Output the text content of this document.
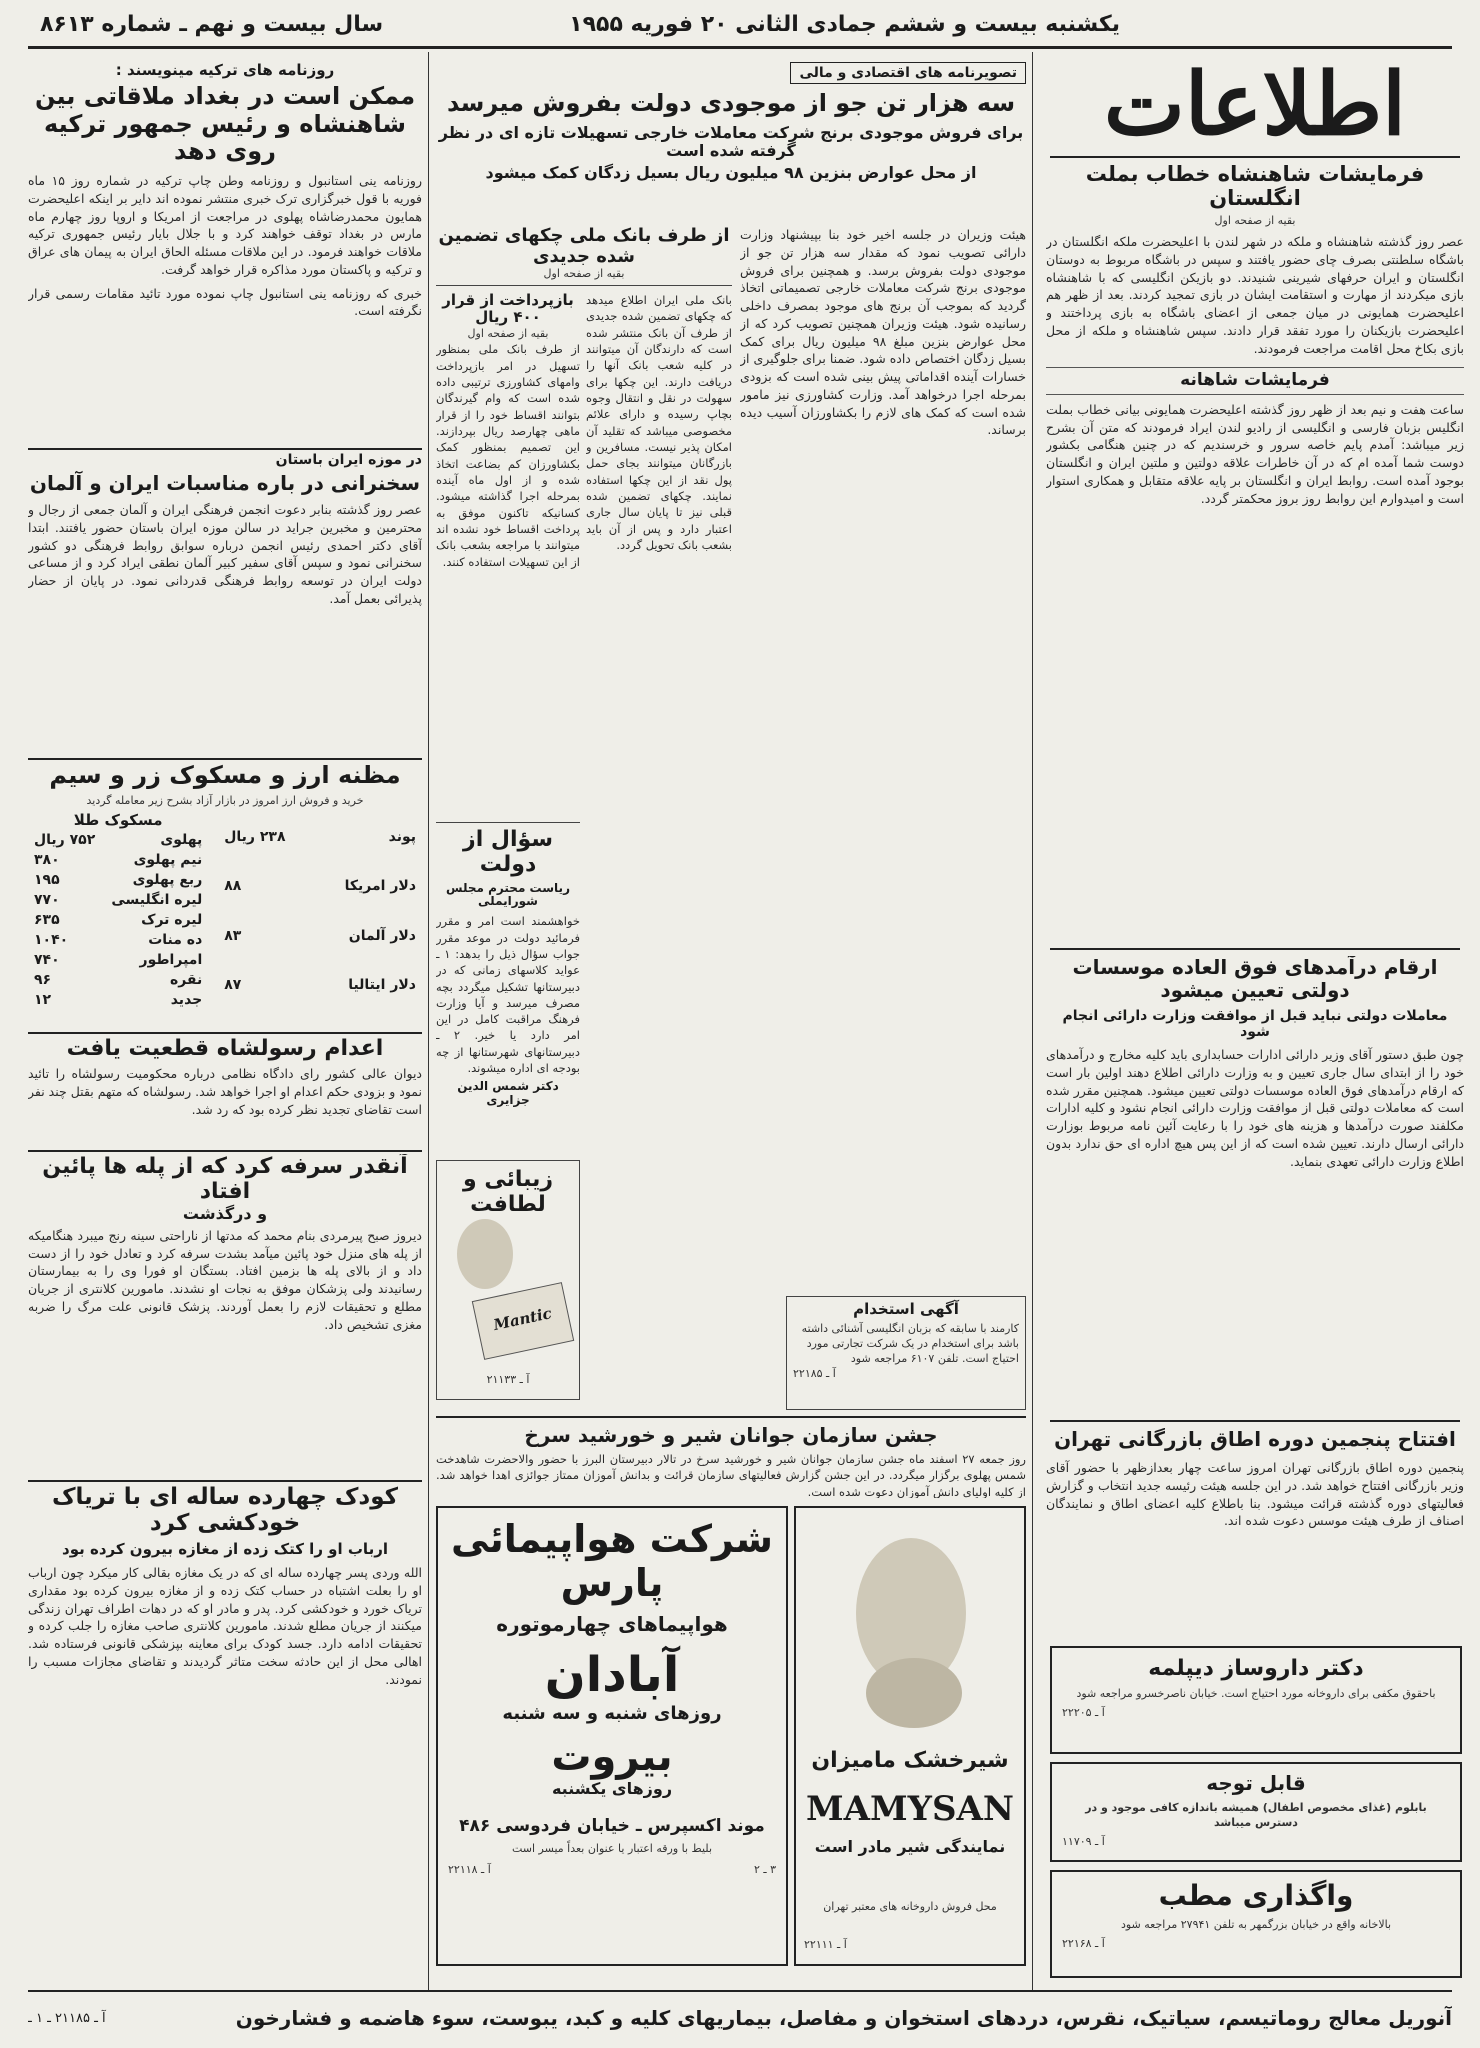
یکشنبه بیست و ششم جمادی الثانی ۲۰ فوریه ۱۹۵۵
سال بیست و نهم ـ شماره ۸۶۱۳
اطلاعات
فرمایشات شاهنشاه خطاب بملت انگلستان
بقیه از صفحه اول
عصر روز گذشته شاهنشاه و ملکه در شهر لندن با اعلیحضرت ملکه انگلستان در باشگاه سلطنتی بصرف چای حضور یافتند و سپس در باشگاه مربوط به دوستان انگلستان و ایران حرفهای شیرینی شنیدند. دو بازیکن انگلیسی که با شاهنشاه بازی میکردند از مهارت و استقامت ایشان در بازی تمجید کردند. بعد از ظهر هم اعلیحضرت همایونی در میان جمعی از اعضای باشگاه به بازی پرداختند و اعلیحضرت بازیکنان را مورد تفقد قرار دادند. سپس شاهنشاه و ملکه از محل بازی بکاخ محل اقامت مراجعت فرمودند.
فرمایشات شاهانه
ساعت هفت و نیم بعد از ظهر روز گذشته اعلیحضرت همایونی بیانی خطاب بملت انگلیس بزبان فارسی و انگلیسی از رادیو لندن ایراد فرمودند که متن آن بشرح زیر میباشد: آمدم پایم خاصه سرور و خرسندیم که در چنین هنگامی بکشور دوست شما آمده ام که در آن خاطرات علاقه دولتین و ملتین ایران و انگلستان بوجود آمده است. روابط ایران و انگلستان بر پایه علاقه متقابل و همکاری استوار است و امیدوارم این روابط روز بروز محکمتر گردد.
ارقام درآمدهای فوق العاده موسسات دولتی تعیین میشود
معاملات دولتی نباید قبل از موافقت وزارت دارائی انجام شود
چون طبق دستور آقای وزیر دارائی ادارات حسابداری باید کلیه مخارج و درآمدهای خود را از ابتدای سال جاری تعیین و به وزارت دارائی اطلاع دهند اولین بار است که ارقام درآمدهای فوق العاده موسسات دولتی تعیین میشود. همچنین مقرر شده است که معاملات دولتی قبل از موافقت وزارت دارائی انجام نشود و کلیه ادارات مکلفند صورت درآمدها و هزینه های خود را با رعایت آئین نامه مربوط بوزارت دارائی ارسال دارند. تعیین شده است که از این پس هیچ اداره ای حق ندارد بدون اطلاع وزارت دارائی تعهدی بنماید.
افتتاح پنجمین دوره اطاق بازرگانی تهران
پنجمین دوره اطاق بازرگانی تهران امروز ساعت چهار بعدازظهر با حضور آقای وزیر بازرگانی افتتاح خواهد شد. در این جلسه هیئت رئیسه جدید انتخاب و گزارش فعالیتهای دوره گذشته قرائت میشود. بنا باطلاع کلیه اعضای اطاق و نمایندگان اصناف از طرف هیئت موسس دعوت شده اند.
دکتر داروساز دیپلمه
باحقوق مکفی برای داروخانه مورد احتیاج است. خیابان ناصرخسرو مراجعه شود
آ ـ ۲۲۲۰۵
قابل توجه
بابلوم (غذای مخصوص اطفال) همیشه باندازه کافی موجود و در دسترس میباشد
آ ـ ۱۱۷۰۹
واگذاری مطب
بالاخانه واقع در خیابان بزرگمهر به تلفن ۲۷۹۴۱ مراجعه شود
آ ـ ۲۲۱۶۸
تصویرنامه های اقتصادی و مالی
سه هزار تن جو از موجودی دولت بفروش میرسد
برای فروش موجودی برنج شرکت معاملات خارجی تسهیلات تازه ای در نظر گرفته شده است
از محل عوارض بنزین ۹۸ میلیون ریال بسیل زدگان کمک میشود
هیئت وزیران در جلسه اخیر خود بنا بپیشنهاد وزارت دارائی تصویب نمود که مقدار سه هزار تن جو از موجودی دولت بفروش برسد. و همچنین برای فروش موجودی برنج شرکت معاملات خارجی تصمیماتی اتخاذ گردید که بموجب آن برنج های موجود بمصرف داخلی رسانیده شود. هیئت وزیران همچنین تصویب کرد که از محل عوارض بنزین مبلغ ۹۸ میلیون ریال برای کمک بسیل زدگان اختصاص داده شود. ضمنا برای جلوگیری از خسارات آینده اقداماتی پیش بینی شده است که بزودی بمرحله اجرا درخواهد آمد. وزارت کشاورزی نیز مامور شده است که کمک های لازم را بکشاورزان آسیب دیده برساند.
از طرف بانک ملی چکهای تضمین شده جدیدی
بقیه از صفحه اول
بانک ملی ایران اطلاع میدهد که چکهای تضمین شده جدیدی از طرف آن بانک منتشر شده است که دارندگان آن میتوانند در کلیه شعب بانک آنها را دریافت دارند. این چکها برای سهولت در نقل و انتقال وجوه بچاپ رسیده و دارای علائم مخصوصی میباشد که تقلید آن امکان پذیر نیست. مسافرین و بازرگانان میتوانند بجای حمل پول نقد از این چکها استفاده نمایند. چکهای تضمین شده قبلی نیز تا پایان سال جاری اعتبار دارد و پس از آن باید بشعب بانک تحویل گردد.
بازپرداخت از قرار ۴۰۰ ریال
بقیه از صفحه اول
از طرف بانک ملی بمنظور تسهیل در امر بازپرداخت وامهای کشاورزی ترتیبی داده شده است که وام گیرندگان بتوانند اقساط خود را از قرار ماهی چهارصد ریال بپردازند. این تصمیم بمنظور کمک بکشاورزان کم بضاعت اتخاذ شده و از اول ماه آینده بمرحله اجرا گذاشته میشود. کسانیکه تاکنون موفق به پرداخت اقساط خود نشده اند میتوانند با مراجعه بشعب بانک از این تسهیلات استفاده کنند.
سؤال از دولت
ریاست محترم مجلس شورایملی
خواهشمند است امر و مقرر فرمائید دولت در موعد مقرر جواب سؤال ذیل را بدهد: ۱ ـ عواید کلاسهای زمانی که در دبیرستانها تشکیل میگردد بچه مصرف میرسد و آیا وزارت فرهنگ مراقبت کامل در این امر دارد یا خیر. ۲ ـ دبیرستانهای شهرستانها از چه بودجه ای اداره میشوند.
دکتر شمس الدین جزایری
زیبائی و لطافت
Mantic
آ ـ ۲۱۱۳۳
جشن سازمان جوانان شیر و خورشید سرخ
روز جمعه ۲۷ اسفند ماه جشن سازمان جوانان شیر و خورشید سرخ در تالار دبیرستان البرز با حضور والاحضرت شاهدخت شمس پهلوی برگزار میگردد. در این جشن گزارش فعالیتهای سازمان قرائت و بدانش آموزان ممتاز جوائزی اهدا خواهد شد. از کلیه اولیای دانش آموزان دعوت شده است.
آگهی استخدام
کارمند با سابقه که بزبان انگلیسی آشنائی داشته باشد برای استخدام در یک شرکت تجارتی مورد احتیاج است. تلفن ۶۱۰۷ مراجعه شود
آ ـ ۲۲۱۸۵
شرکت هواپیمائی پارس
هواپیماهای چهارموتوره
آبادان
روزهای شنبه و سه شنبه
بیروت
روزهای یکشنبه
موند اکسپرس ـ خیابان فردوسی ۴۸۶
بلیط با ورقه اعتبار یا عنوان بعداً میسر است
۳ ـ ۲
آ ـ ۲۲۱۱۸
شیرخشک مامیزان
MAMYSAN
نمایندگی شیر مادر است
محل فروش داروخانه های معتبر تهران
آ ـ ۲۲۱۱۱
روزنامه های ترکیه مینویسند :
ممکن است در بغداد ملاقاتی بین شاهنشاه و رئیس جمهور ترکیه روی دهد
روزنامه ینی استانبول و روزنامه وطن چاپ ترکیه در شماره روز ۱۵ ماه فوریه با قول خبرگزاری ترک خبری منتشر نموده اند دایر بر اینکه اعلیحضرت همایون محمدرضاشاه پهلوی در مراجعت از امریکا و اروپا روز چهارم ماه مارس در بغداد توقف خواهند کرد و با جلال بایار رئیس جمهوری ترکیه ملاقات خواهند فرمود. در این ملاقات مسئله الحاق ایران به پیمان های عراق و ترکیه و پاکستان مورد مذاکره قرار خواهد گرفت.
خبری که روزنامه ینی استانبول چاپ نموده مورد تائید مقامات رسمی قرار نگرفته است.
در موزه ایران باستان
سخنرانی در باره مناسبات ایران و آلمان
عصر روز گذشته بنابر دعوت انجمن فرهنگی ایران و آلمان جمعی از رجال و محترمین و مخبرین جراید در سالن موزه ایران باستان حضور یافتند. ابتدا آقای دکتر احمدی رئیس انجمن درباره سوابق روابط فرهنگی دو کشور سخنرانی نمود و سپس آقای سفیر کبیر آلمان نطقی ایراد کرد و از مساعی دولت ایران در توسعه روابط فرهنگی قدردانی نمود. در پایان از حضار پذیرائی بعمل آمد.
مظنه ارز و مسکوک زر و سیم
خرید و فروش ارز امروز در بازار آزاد بشرح زیر معامله گردید
پوند	۲۳۸ ریال
دلار امریکا	۸۸
دلار آلمان	۸۳
دلار ایتالیا	۸۷
مسکوک طلا
پهلوی	۷۵۲ ریال
نیم پهلوی	۳۸۰
ربع پهلوی	۱۹۵
لیره انگلیسی	۷۷۰
لیره ترک	۶۳۵
ده منات	۱۰۴۰
امپراطور	۷۴۰
نقره	۹۶
جدید	۱۲
اعدام رسولشاه قطعیت یافت
دیوان عالی کشور رای دادگاه نظامی درباره محکومیت رسولشاه را تائید نمود و بزودی حکم اعدام او اجرا خواهد شد. رسولشاه که متهم بقتل چند نفر است تقاضای تجدید نظر کرده بود که رد شد.
آنقدر سرفه کرد که از پله ها پائین افتاد
و درگذشت
دیروز صبح پیرمردی بنام محمد که مدتها از ناراحتی سینه رنج میبرد هنگامیکه از پله های منزل خود پائین میآمد بشدت سرفه کرد و تعادل خود را از دست داد و از بالای پله ها بزمین افتاد. بستگان او فورا وی را به بیمارستان رسانیدند ولی پزشکان موفق به نجات او نشدند. مامورین کلانتری از جریان مطلع و تحقیقات لازم را بعمل آوردند. پزشک قانونی علت مرگ را ضربه مغزی تشخیص داد.
کودک چهارده ساله ای با تریاک خودکشی کرد
ارباب او را کتک زده از مغازه بیرون کرده بود
الله وردی پسر چهارده ساله ای که در یک مغازه بقالی کار میکرد چون ارباب او را بعلت اشتباه در حساب کتک زده و از مغازه بیرون کرده بود مقداری تریاک خورد و خودکشی کرد. پدر و مادر او که در دهات اطراف تهران زندگی میکنند از جریان مطلع شدند. مامورین کلانتری صاحب مغازه را جلب کرده و تحقیقات ادامه دارد. جسد کودک برای معاینه بپزشکی قانونی فرستاده شد. اهالی محل از این حادثه سخت متاثر گردیدند و تقاضای مجازات مسبب را نمودند.
آنوریل معالج روماتیسم، سیاتیک، نقرس، دردهای استخوان و مفاصل، بیماریهای کلیه و کبد، یبوست، سوء هاضمه و فشارخون
آ ـ ۲۱۱۸۵ ـ ۱ ـ
